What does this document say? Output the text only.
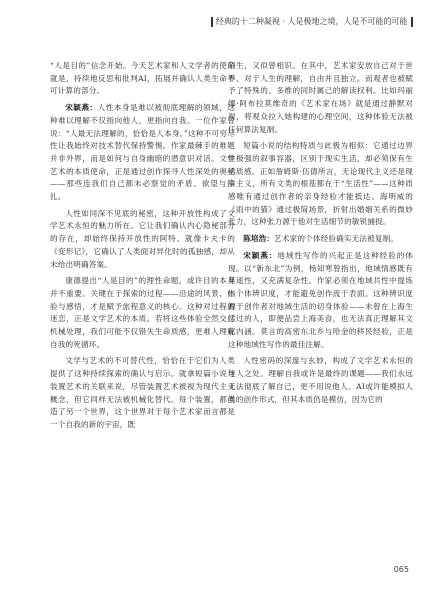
经典的十二种凝视 · 人是极地之境，人是不可能的可能

“人是目的”信念开始。今天艺术家和人文学者的使命就是，持续地反思和批判AI，拓展并确认人类生命不可计算的部分。

宋颖燕：人性本身是难以被彻底理解的领域，这种难以理解不仅指向他人，更指向自我。一位作家曾说：“人最无法理解的，恰恰是人本身。”这种不可穷尽性让我始终对技术替代保持警惕。作家最棘手的难题并非外界，而是如何与自身幽暗的潜意识对话。文学艺术的本质使命，正是通过创作探寻人性深处的奥秘——那些连我们自己都未必察觉的矛盾、欲望与挣扎。

人性如同深不见底的秘密，这种开放性构成了文学艺术永恒的魅力所在。它让我们确认内心隐秘部分的存在，却始终保持开放性的阿特。就像卡夫卡的《变形记》，它确认了人类面对异化时的孤独感，却从未给出明确答案。

康德提出“人是目的”的理性命题，或许目的本身并不重要。关键在于探索的过程——沿途的风景、体验与感悟，才是赋予旅程意义的核心。这种对过程的迷恋，正是文学艺术的本质。若将这些体验全然交付机械处理，我们可能不仅错失生命质感，更难人理解自我的死循环。

文学与艺术的不可替代性，恰恰在于它们为人类提供了这种持续探索的确认与启示。就拿短篇小说与装置艺术的关联来说，尽管装置艺术被视为现代主义概念，但它同样无法被机械化替代。每个装置，都创造了另一个世界，这个世界对于每个艺术家而言都是一个自我的新的宇宙，既

陌生，又似曾相识。在其中，艺术家安放自己对于世界、对于人生的理解，自由并且独立。而观者也被赋予了特殊的、多维的同时属己的解读权利。比如玛丽娜·阿布拉莫维奇的《艺术家在场》就是通过静默对视，将观众拉入她构建的心理空间，这种体验无法被任何算法复制。

短篇小说的结构特质与此极为相似：它通过边界性极强的叙事容器，区别于现实生活，却必须保有生活质感。正如詹姆斯·伍德所言，无论现代主义还是现实主义，所有文类的根基都在于“生活性”——这种质感唯有通过创作者的亲身经验才能抵达。海明威的《雨中的猫》通过极简场景，折射出婚姻关系的微妙张力，这种张力源于他对生活细节的敏锐捕捉。

陈培浩：艺术家的个体经验确实无法被复制。

宋颖燕：地域性写作的兴起正是这种经验的体现。以“新东北”为例，杨知寒曾指出，地域情感既有其遥性，又充满复杂性。作家必须在地域共性中提炼出个体辨识度，才能避免创作流于表面。这种辨识度源于创作者对地域生活的切身体验——未曾在上海生活过的人，即便品尝上海美食，也无法真正理解其文化内涵。莫言的高密东北乡与哈金的移民经验，正是这种地域性写作的最佳注解。

人性密码的深邃与玄妙，构成了文学艺术永恒的迷人之处。理解自我或许是最终的课题——我们永远无法彻底了解自己，更不用说他人。AI或许能模拟人类的创作形式，但其本质仍是模仿，因为它的

065
